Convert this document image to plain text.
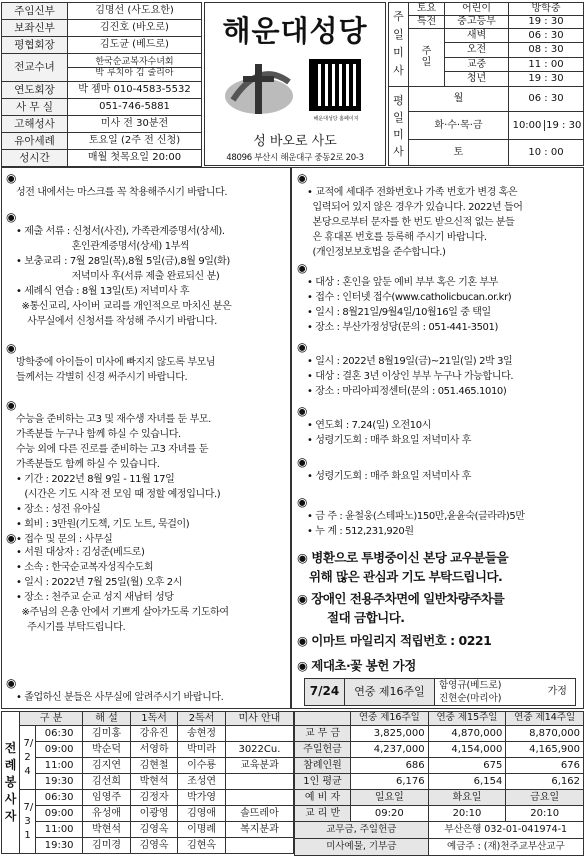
주임신부	김명선 (사도요한)
보좌신부	김진호 (바오로)
평협회장	김도균 (베드로)
전교수녀	한국순교복자수녀회
박 루치아 김 줄리아

연도회장	박 젬마 010-4583-5532
사 무 실	051-746-5881
고해성사	미사 전 30분전
유아세례	토요일 (2주 전 신청)
성시간	매월 첫목요일 20:00
해운대성당
해운대성당 홈페이지
성 바오로 사도
48096 부산시 해운대구 중동2로 20-3
주일미사	토요	어린이	방학중
	특전	중고등부	19 : 30

	주일	새벽	06 : 30
		오전	08 : 30
		교중	11 : 00
		청년	19 : 30

평일미사	월		06 : 30
	화·수·목·금		10:00 19 : 30
	토		10 : 00
◉
성전 내에서는 마스크를 꼭 착용해주시기 바랍니다.
◉
• 제출 서류 : 신청서(사진), 가족관계증명서(상세).
혼인관계증명서(상세) 1부씩
• 보충교리 : 7월 28일(목),8월 5일(금),8월 9일(화)
저녁미사 후(서류 제출 완료되신 분)
• 세례식 연습 : 8월 13일(토) 저녁미사 후
※통신교리, 사이버 교리를 개인적으로 마치신 분은
사무실에서 신청서를 작성해 주시기 바랍니다.
◉
방학중에 아이들이 미사에 빠지지 않도록 부모님
들께서는 각별히 신경 써주시기 바랍니다.
◉
수능을 준비하는 고3 및 재수생 자녀를 둔 부모.
가족분들 누구나 함께 하실 수 있습니다.
수능 외에 다른 진로를 준비하는 고3 자녀를 둔
가족분들도 함께 하실 수 있습니다.
• 기간 : 2022년 8월 9일 - 11월 17일
(시간은 기도 시작 전 모임 때 정할 예정입니다.)
• 장소 : 성전 유아실
• 회비 : 3만원(기도책, 기도 노트, 묵걸이)
• 접수 및 문의 : 사무실
◉
• 서원 대상자 : 김성준(베드로)
• 소속 : 한국순교복자성직수도회
• 일시 : 2022년 7월 25일(월) 오후 2시
• 장소 : 천주교 순교 성지 새남터 성당
※주님의 은총 안에서 기쁘게 살아가도록 기도하여
주시기를 부탁드립니다.
◉
• 졸업하신 분들은 사무실에 알려주시기 바랍니다.
◉
• 교적에 세대주 전화번호나 가족 번호가 변경 혹은
입력되어 있지 않은 경우가 있습니다. 2022년 들어
본당으로부터 문자를 한 번도 받으신적 없는 분들
은 휴대폰 번호를 등록해 주시기 바랍니다.
(개인정보보호법을 준수합니다.)
◉
• 대상 : 혼인을 앞둔 예비 부부 혹은 기혼 부부
• 접수 : 인터넷 접수(www.catholicbucan.or.kr)
• 일시 : 8월21일/9월4일/10월16일 중 택일
• 장소 : 부산가정성당(문의 : 051-441-3501)
◉
• 일시 : 2022년 8월19일(금)~21일(일) 2박 3일
• 대상 : 결혼 3년 이상인 부부 누구나 가능합니다.
• 장소 : 마리아피정센터(문의 : 051.465.1010)
◉
• 연도회 : 7.24(일) 오전10시
• 성령기도회 : 매주 화요일 저녁미사 후
◉
• 성령기도회 : 매주 화요일 저녁미사 후
◉
• 금 주 : 윤철웅(스테파노)150만,윤윤숙(글라라)5만
• 누 계 : 512,231,920원
◉ 병환으로 투병중이신 본당 교우분들을
위해 많은 관심과 기도 부탁드립니다.
◉ 장애인 전용주차면에 일반차량주차를
절대 금합니다.
◉ 이마트 마일리지 적립번호 : 0221
◉ 제대초·꽃 봉헌 가정
7/24	연중 제16주일	함영규(베드로)
진현순(마리아)
	가정
전례봉사자	구 분		해 설	1독서	2독서	미사 안내

	7/24	06:30	김미홍	강유진	송현정	
		09:00	박순덕	서영하	박미라	3022Cu.
		11:00	김지연	김현철	이수룡	교육분과
		19:30	김선희	박현석	조성연	

	7/31	06:30	임영주	김정자	박가영	
		09:00	유성애	이광영	김영애	솔뜨레아
		11:00	박현석	김영옥	이명례	복지분과
		19:30	김미경	김영옥	김현옥	
	연중 제16주일	연중 제15주일	연중 제14주일
교 무 금	3,825,000	4,870,000	8,870,000
주일헌금	4,237,000	4,154,000	4,165,900
참례인원	686	675	676
1인 평균	6,176	6,154	6,162
예 비 자	일요일	화요일	금요일
교 리 반	09:20	20:10	20:10
교무금, 주일헌금		부산은행 032-01-041974-1	
미사예물, 기부금		예금주 : (재)천주교부산교구	
